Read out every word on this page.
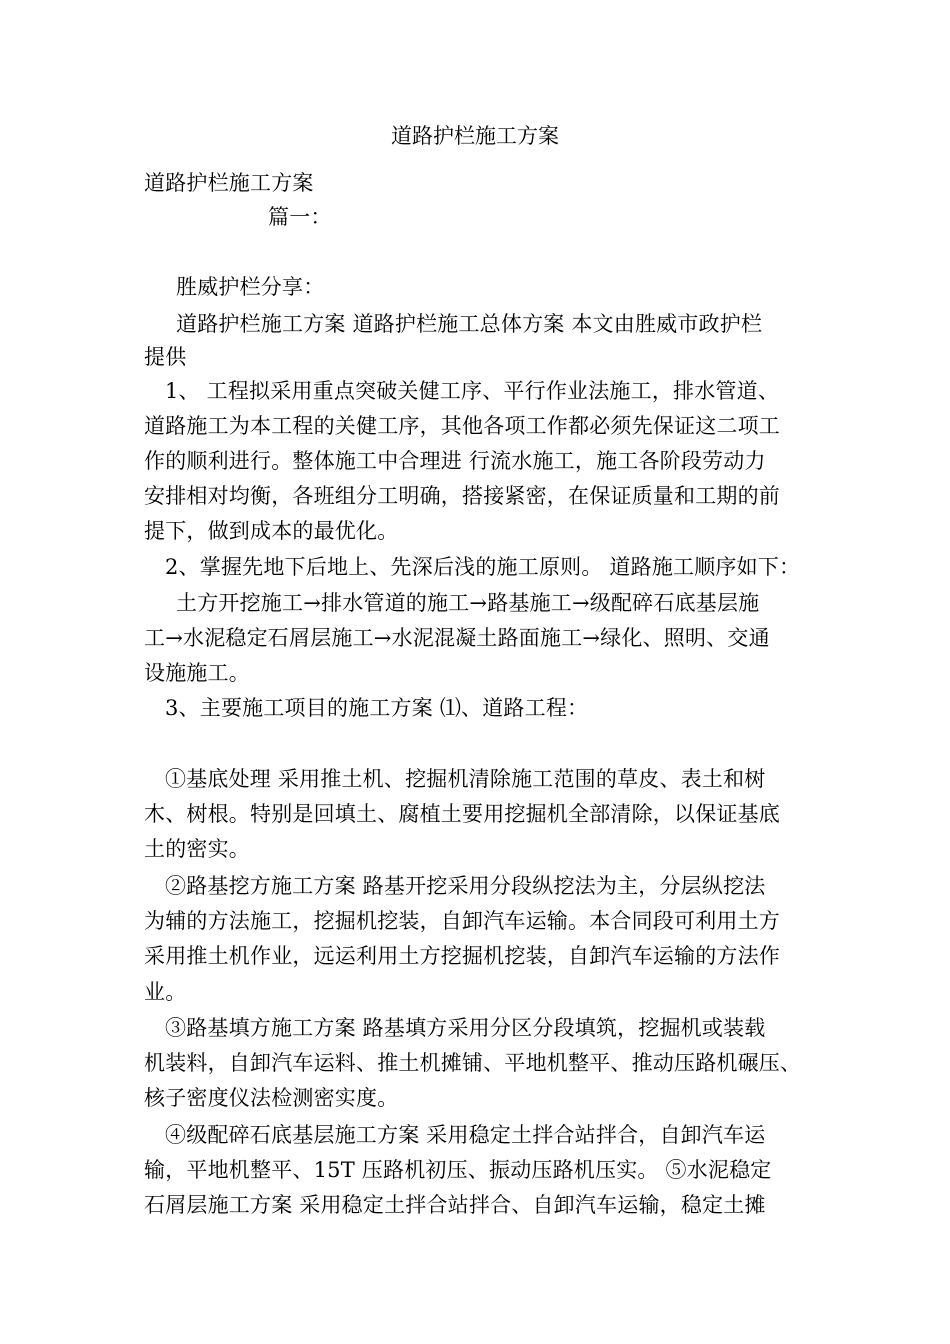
道路护栏施工方案
道路护栏施工方案
篇一：
胜威护栏分享：
道路护栏施工方案 道路护栏施工总体方案 本文由胜威市政护栏
提供
1、 工程拟采用重点突破关健工序、平行作业法施工，排水管道、
道路施工为本工程的关健工序，其他各项工作都必须先保证这二项工
作的顺利进行。整体施工中合理进 行流水施工，施工各阶段劳动力
安排相对均衡，各班组分工明确，搭接紧密，在保证质量和工期的前
提下，做到成本的最优化。
2、掌握先地下后地上、先深后浅的施工原则。 道路施工顺序如下：
土方开挖施工→排水管道的施工→路基施工→级配碎石底基层施
工→水泥稳定石屑层施工→水泥混凝土路面施工→绿化、照明、交通
设施施工。
3、主要施工项目的施工方案 ⑴、道路工程：
①基底处理 采用推土机、挖掘机清除施工范围的草皮、表土和树
木、树根。特别是回填土、腐植土要用挖掘机全部清除，以保证基底
土的密实。
②路基挖方施工方案 路基开挖采用分段纵挖法为主，分层纵挖法
为辅的方法施工，挖掘机挖装，自卸汽车运输。本合同段可利用土方
采用推土机作业，远运利用土方挖掘机挖装，自卸汽车运输的方法作
业。
③路基填方施工方案 路基填方采用分区分段填筑，挖掘机或装载
机装料，自卸汽车运料、推土机摊铺、平地机整平、推动压路机碾压、
核子密度仪法检测密实度。
④级配碎石底基层施工方案 采用稳定土拌合站拌合，自卸汽车运
输，平地机整平、15T 压路机初压、振动压路机压实。 ⑤水泥稳定
石屑层施工方案 采用稳定土拌合站拌合、自卸汽车运输，稳定土摊
